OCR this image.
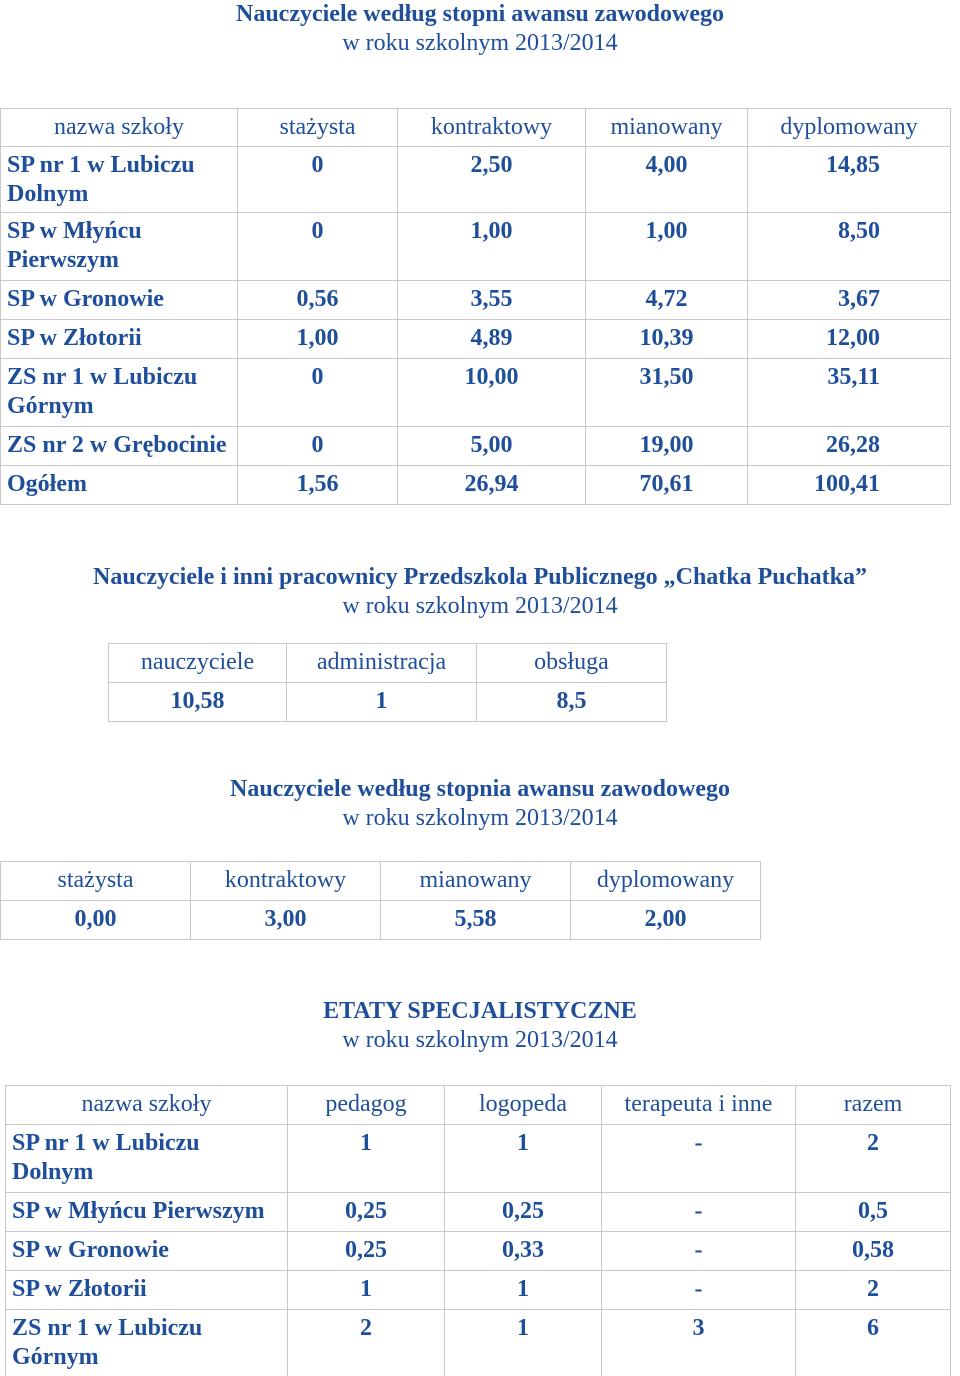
Nauczyciele według stopni awansu zawodowego
w roku szkolnym 2013/2014
nazwa szkoły	stażysta	kontraktowy	mianowany	dyplomowany
SP nr 1 w Lubiczu Dolnym	0	2,50	4,00	14,85
SP w Młyńcu Pierwszym	0	1,00	1,00	8,50
SP w Gronowie	0,56	3,55	4,72	3,67
SP w Złotorii	1,00	4,89	10,39	12,00
ZS nr 1 w Lubiczu Górnym	0	10,00	31,50	35,11
ZS nr 2 w Grębocinie	0	5,00	19,00	26,28
Ogółem	1,56	26,94	70,61	100,41
Nauczyciele i inni pracownicy Przedszkola Publicznego „Chatka Puchatka”
w roku szkolnym 2013/2014
nauczyciele	administracja	obsługa
10,58	1	8,5
Nauczyciele według stopnia awansu zawodowego
w roku szkolnym 2013/2014
stażysta	kontraktowy	mianowany	dyplomowany
0,00	3,00	5,58	2,00
ETATY SPECJALISTYCZNE
w roku szkolnym 2013/2014
nazwa szkoły	pedagog	logopeda	terapeuta i inne	razem
SP nr 1 w Lubiczu Dolnym	1	1	-	2
SP w Młyńcu Pierwszym	0,25	0,25	-	0,5
SP w Gronowie	0,25	0,33	-	0,58
SP w Złotorii	1	1	-	2
ZS nr 1 w Lubiczu Górnym	2	1	3	6
